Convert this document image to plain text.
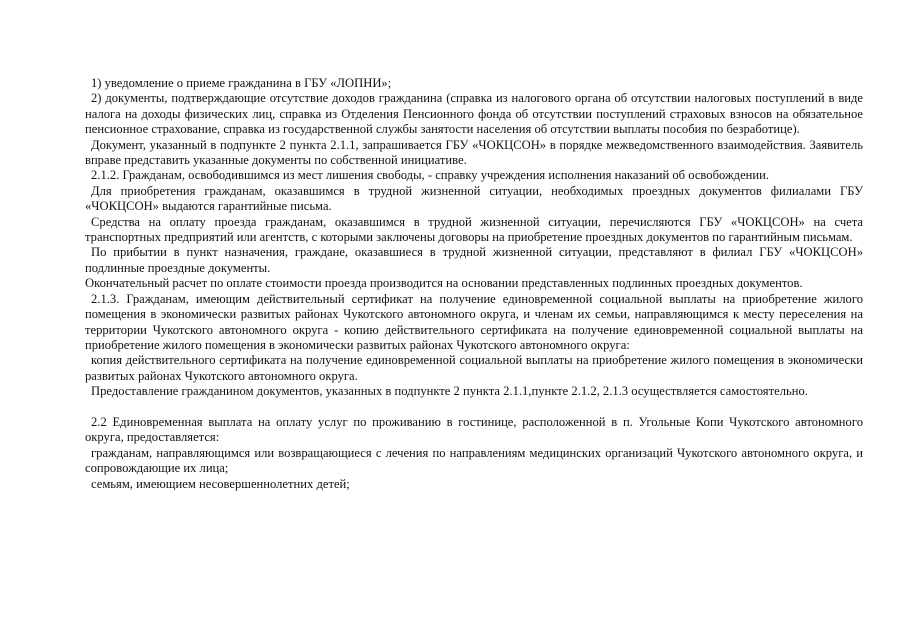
1) уведомление о приеме гражданина в ГБУ «ЛОПНИ»;

2) документы, подтверждающие отсутствие доходов гражданина (справка из налогового органа об отсутствии налоговых поступлений в виде налога на доходы физических лиц, справка из Отделения Пенсионного фонда об отсутствии поступлений страховых взносов на обязательное пенсионное страхование, справка из государственной службы занятости населения об отсутствии выплаты пособия по безработице).

Документ, указанный в подпункте 2 пункта 2.1.1, запрашивается ГБУ «ЧОКЦСОН» в порядке межведомственного взаимодействия. Заявитель вправе представить указанные документы по собственной инициативе.

2.1.2. Гражданам, освободившимся из мест лишения свободы, - справку учреждения исполнения наказаний об освобождении.

Для приобретения гражданам, оказавшимся в трудной жизненной ситуации, необходимых проездных документов филиалами ГБУ «ЧОКЦСОН» выдаются гарантийные письма.

Средства на оплату проезда гражданам, оказавшимся в трудной жизненной ситуации, перечисляются ГБУ «ЧОКЦСОН» на счета транспортных предприятий или агентств, с которыми заключены договоры на приобретение проездных документов по гарантийным письмам.

По прибытии в пункт назначения, граждане, оказавшиеся в трудной жизненной ситуации, представляют в филиал ГБУ «ЧОКЦСОН» подлинные проездные документы.

Окончательный расчет по оплате стоимости проезда производится на основании представленных подлинных проездных документов.

2.1.3. Гражданам, имеющим действительный сертификат на получение единовременной социальной выплаты на приобретение жилого помещения в экономически развитых районах Чукотского автономного округа, и членам их семьи, направляющимся к месту переселения на территории Чукотского автономного округа - копию действительного сертификата на получение единовременной социальной выплаты на приобретение жилого помещения в экономически развитых районах Чукотского автономного округа:

копия действительного сертификата на получение единовременной социальной выплаты на приобретение жилого помещения в экономически развитых районах Чукотского автономного округа.

Предоставление гражданином документов, указанных в подпункте 2 пункта 2.1.1,пункте 2.1.2, 2.1.3 осуществляется самостоятельно.

2.2 Единовременная выплата на оплату услуг по проживанию в гостинице, расположенной в п. Угольные Копи Чукотского автономного округа, предоставляется:

гражданам, направляющимся или возвращающиеся с лечения по направлениям медицинских организаций Чукотского автономного округа, и сопровождающие их лица;

семьям, имеющием несовершеннолетних детей;
